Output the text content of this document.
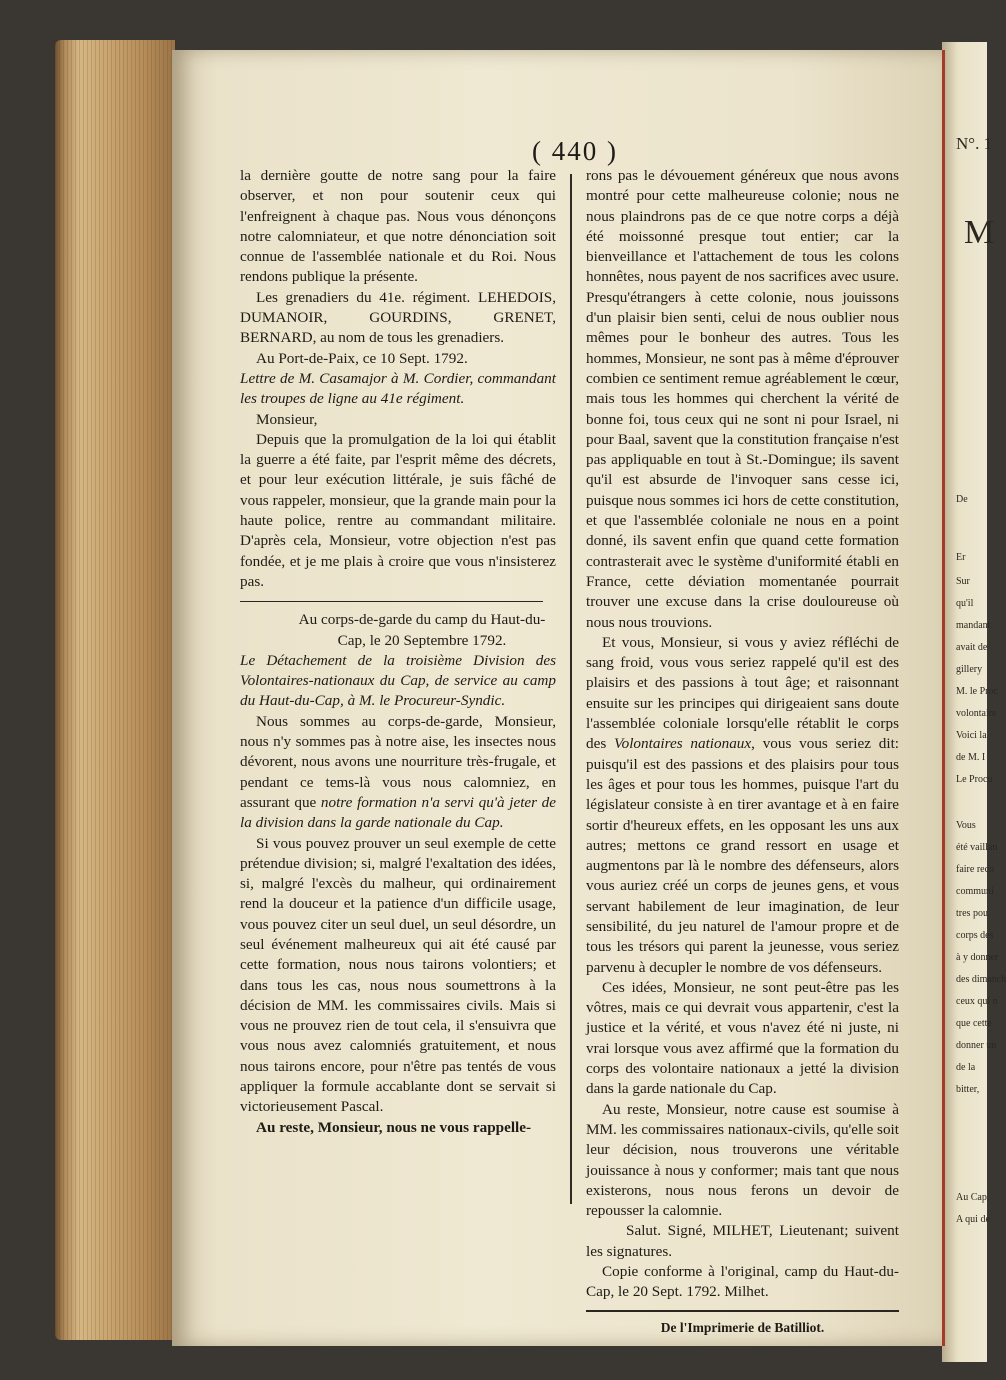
N°. 1
M
De
Er
Sur
qu'il
mandant
avait de
gillery
M. le Proc
volontaire
Voici la
de M. I
Le Procu
Vous
été vaillan
faire reco
communi
tres pou
corps des
à y donner
des dimanch
ceux qui n
que cette
donner un
de la
bitter,
Au Cap,
A qui de
( 440 )

la dernière goutte de notre sang pour la faire observer, et non pour soutenir ceux qui l'enfreignent à chaque pas. Nous vous dénonçons notre calomniateur, et que notre dénonciation soit connue de l'assemblée nationale et du Roi. Nous rendons publique la présente.

Les grenadiers du 41e. régiment. LEHEDOIS, DUMANOIR, GOURDINS, GRENET, BERNARD, au nom de tous les grenadiers.

Au Port-de-Paix, ce 10 Sept. 1792.

Lettre de M. Casamajor à M. Cordier, commandant les troupes de ligne au 41e régiment.

Monsieur,

Depuis que la promulgation de la loi qui établit la guerre a été faite, par l'esprit même des décrets, et pour leur exécution littérale, je suis fâché de vous rappeler, monsieur, que la grande main pour la haute police, rentre au commandant militaire. D'après cela, Monsieur, votre objection n'est pas fondée, et je me plais à croire que vous n'insisterez pas.

Au corps-de-garde du camp du Haut-du-Cap, le 20 Septembre 1792.

Le Détachement de la troisième Division des Volontaires-nationaux du Cap, de service au camp du Haut-du-Cap, à M. le Procureur-Syndic.

Nous sommes au corps-de-garde, Monsieur, nous n'y sommes pas à notre aise, les insectes nous dévorent, nous avons une nourriture très-frugale, et pendant ce tems-là vous nous calomniez, en assurant que notre formation n'a servi qu'à jeter de la division dans la garde nationale du Cap.

Si vous pouvez prouver un seul exemple de cette prétendue division; si, malgré l'exaltation des idées, si, malgré l'excès du malheur, qui ordinairement rend la douceur et la patience d'un difficile usage, vous pouvez citer un seul duel, un seul désordre, un seul événement malheureux qui ait été causé par cette formation, nous nous tairons volontiers; et dans tous les cas, nous nous soumettrons à la décision de MM. les commissaires civils. Mais si vous ne prouvez rien de tout cela, il s'ensuivra que vous nous avez calomniés gratuitement, et nous nous tairons encore, pour n'être pas tentés de vous appliquer la formule accablante dont se servait si victorieusement Pascal.

Au reste, Monsieur, nous ne vous rappelle-

rons pas le dévouement généreux que nous avons montré pour cette malheureuse colonie; nous ne nous plaindrons pas de ce que notre corps a déjà été moissonné presque tout entier; car la bienveillance et l'attachement de tous les colons honnêtes, nous payent de nos sacrifices avec usure. Presqu'étrangers à cette colonie, nous jouissons d'un plaisir bien senti, celui de nous oublier nous mêmes pour le bonheur des autres. Tous les hommes, Monsieur, ne sont pas à même d'éprouver combien ce sentiment remue agréablement le cœur, mais tous les hommes qui cherchent la vérité de bonne foi, tous ceux qui ne sont ni pour Israel, ni pour Baal, savent que la constitution française n'est pas appliquable en tout à St.-Domingue; ils savent qu'il est absurde de l'invoquer sans cesse ici, puisque nous sommes ici hors de cette constitution, et que l'assemblée coloniale ne nous en a point donné, ils savent enfin que quand cette formation contrasterait avec le système d'uniformité établi en France, cette déviation momentanée pourrait trouver une excuse dans la crise douloureuse où nous nous trouvions.

Et vous, Monsieur, si vous y aviez réfléchi de sang froid, vous vous seriez rappelé qu'il est des plaisirs et des passions à tout âge; et raisonnant ensuite sur les principes qui dirigeaient sans doute l'assemblée coloniale lorsqu'elle rétablit le corps des Volontaires nationaux, vous vous seriez dit: puisqu'il est des passions et des plaisirs pour tous les âges et pour tous les hommes, puisque l'art du législateur consiste à en tirer avantage et à en faire sortir d'heureux effets, en les opposant les uns aux autres; mettons ce grand ressort en usage et augmentons par là le nombre des défenseurs, alors vous auriez créé un corps de jeunes gens, et vous servant habilement de leur imagination, de leur sensibilité, du jeu naturel de l'amour propre et de tous les trésors qui parent la jeunesse, vous seriez parvenu à decupler le nombre de vos défenseurs.

Ces idées, Monsieur, ne sont peut-être pas les vôtres, mais ce qui devrait vous appartenir, c'est la justice et la vérité, et vous n'avez été ni juste, ni vrai lorsque vous avez affirmé que la formation du corps des volontaire nationaux a jetté la division dans la garde nationale du Cap.

Au reste, Monsieur, notre cause est soumise à MM. les commissaires nationaux-civils, qu'elle soit leur décision, nous trouverons une véritable jouissance à nous y conformer; mais tant que nous existerons, nous nous ferons un devoir de repousser la calomnie.

Salut. Signé, MILHET, Lieutenant; suivent les signatures.

Copie conforme à l'original, camp du Haut-du-Cap, le 20 Sept. 1792. Milhet.

De l'Imprimerie de Batilliot.
